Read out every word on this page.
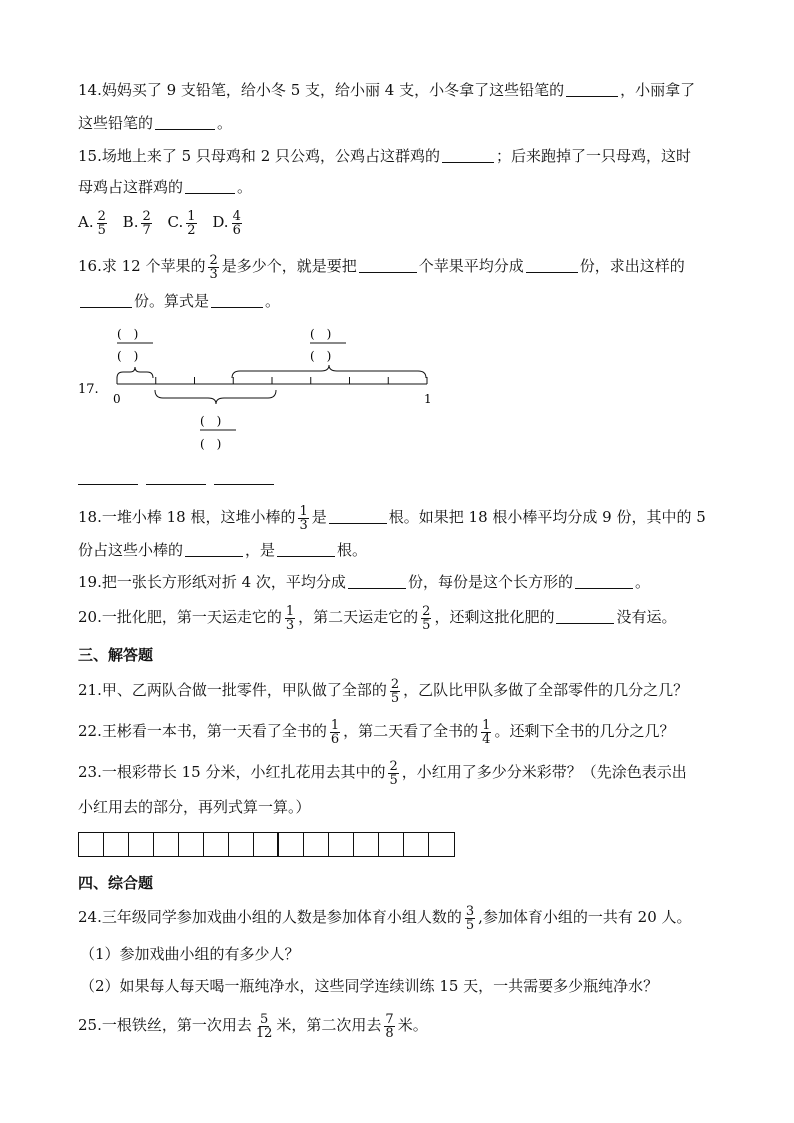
14.妈妈买了 9 支铅笔，给小冬 5 支，给小丽 4 支，小冬拿了这些铅笔的	，小丽拿了
这些铅笔的	。
15.场地上来了 5 只母鸡和 2 只公鸡，公鸡占这群鸡的	；后来跑掉了一只母鸡，这时
母鸡占这群鸡的	。
A. $\frac{2}{5} B$. $\frac{2}{7} C$. $\frac{1}{2} D$. $\frac{4}{6}$
16.求 12 个苹果的 $\frac{2}{3}$ 是多少个，就是要把	个苹果平均分成	份，求出这样的
份。算式是	。
17.
(　)
(　)
(　)
(　)
0	1
(　)
(　)
18.一堆小棒 18 根，这堆小棒的 $\frac{1}{3}$ 是	根。如果把 18 根小棒平均分成 9 份，其中的 5
份占这些小棒的	，是	根。
19.把一张长方形纸对折 4 次，平均分成	份，每份是这个长方形的	。
20.一批化肥，第一天运走它的 $\frac{1}{3}$ ，第二天运走它的 $\frac{2}{5}$ ，还剩这批化肥的	没有运。
三、解答题
21.甲、乙两队合做一批零件，甲队做了全部的 $\frac{2}{5}$ ，乙队比甲队多做了全部零件的几分之几？
22.王彬看一本书，第一天看了全书的 $\frac{1}{6}$ ，第二天看了全书的 $\frac{1}{4}$ 。还剩下全书的几分之几？
23.一根彩带长 15 分米，小红扎花用去其中的 $\frac{2}{5}$ ，小红用了多少分米彩带？（先涂色表示出
小红用去的部分，再列式算一算。）
四、综合题
24.三年级同学参加戏曲小组的人数是参加体育小组人数的 $\frac{3}{5}$ ,参加体育小组的一共有 20 人。
（1）参加戏曲小组的有多少人？
（2）如果每人每天喝一瓶纯净水，这些同学连续训练 15 天，一共需要多少瓶纯净水？
25.一根铁丝，第一次用去 $\frac{5}{12}$ 米，第二次用去 $\frac{7}{8}$ 米。
